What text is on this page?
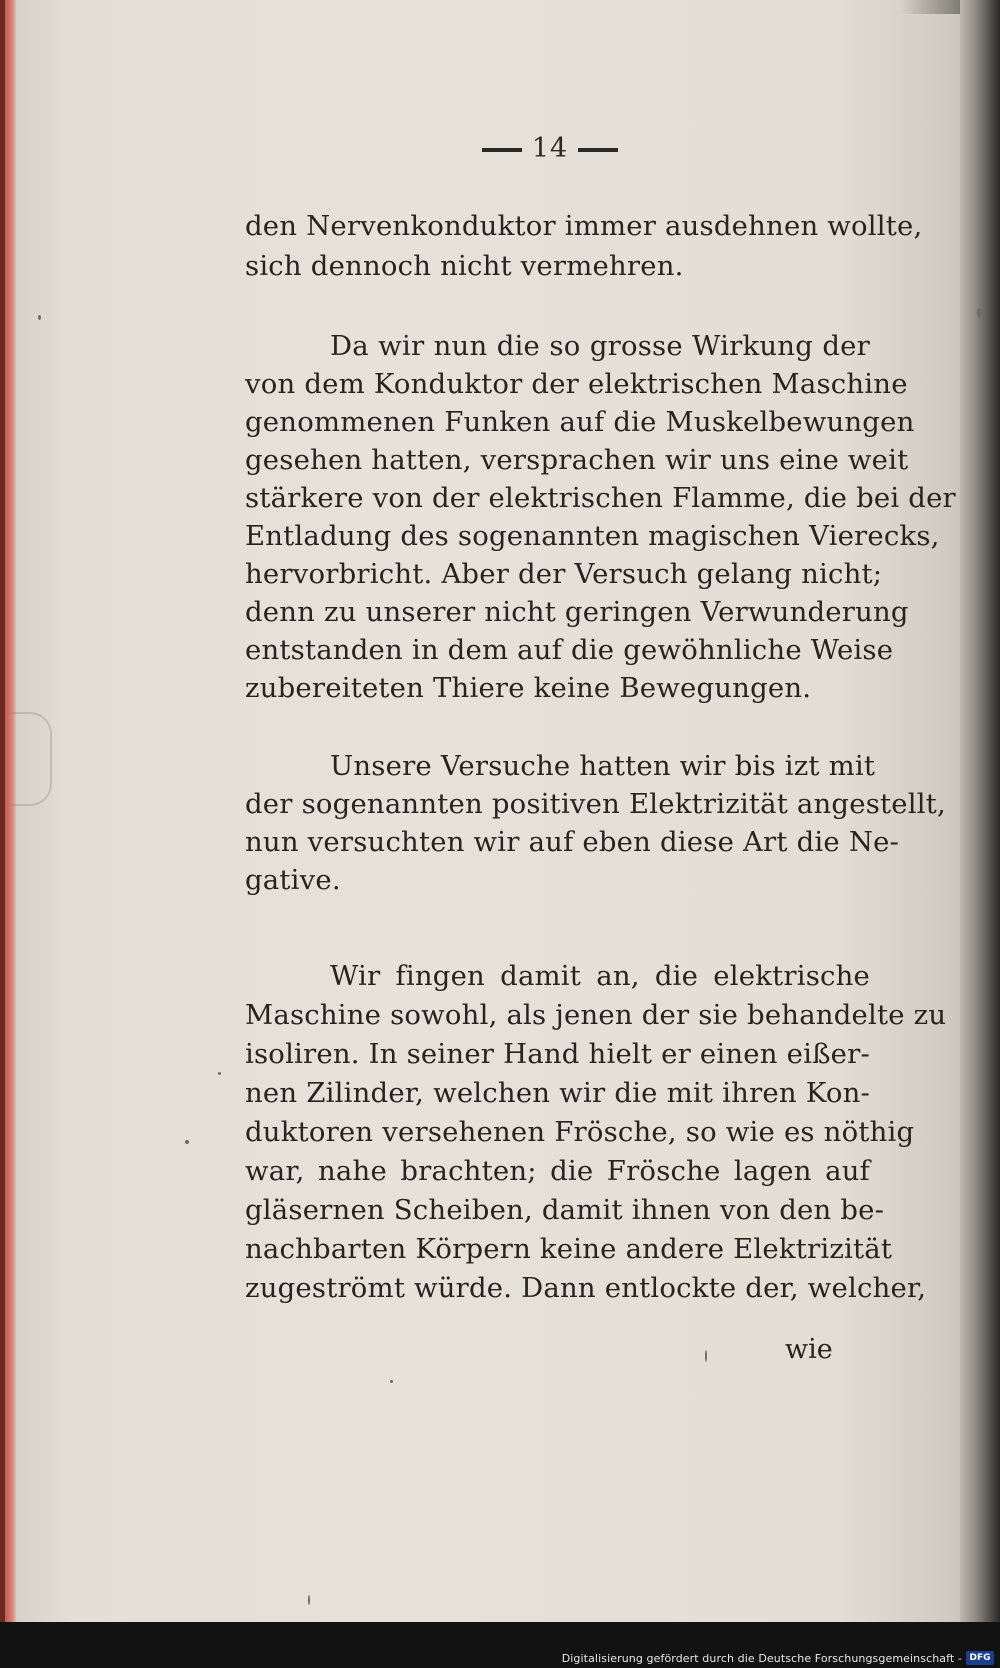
14
den Nervenkonduktor immer ausdehnen wollte,
sich dennoch nicht vermehren.
Da wir nun die so grosse Wirkung der
von dem Konduktor der elektrischen Maschine
genommenen Funken auf die Muskelbewungen
gesehen hatten, versprachen wir uns eine weit
stärkere von der elektrischen Flamme, die bei der
Entladung des sogenannten magischen Vierecks,
hervorbricht. Aber der Versuch gelang nicht;
denn zu unserer nicht geringen Verwunderung
entstanden in dem auf die gewöhnliche Weise
zubereiteten Thiere keine Bewegungen.
Unsere Versuche hatten wir bis izt mit
der sogenannten positiven Elektrizität angestellt,
nun versuchten wir auf eben diese Art die Ne-
gative.
Wir fingen damit an, die elektrische
Maschine sowohl, als jenen der sie behandelte zu
isoliren. In seiner Hand hielt er einen eißer-
nen Zilinder, welchen wir die mit ihren Kon-
duktoren versehenen Frösche, so wie es nöthig
war, nahe brachten; die Frösche lagen auf
gläsernen Scheiben, damit ihnen von den be-
nachbarten Körpern keine andere Elektrizität
zugeströmt würde. Dann entlockte der, welcher,
wie
Digitalisierung gefördert durch die Deutsche Forschungsgemeinschaft - DFG
